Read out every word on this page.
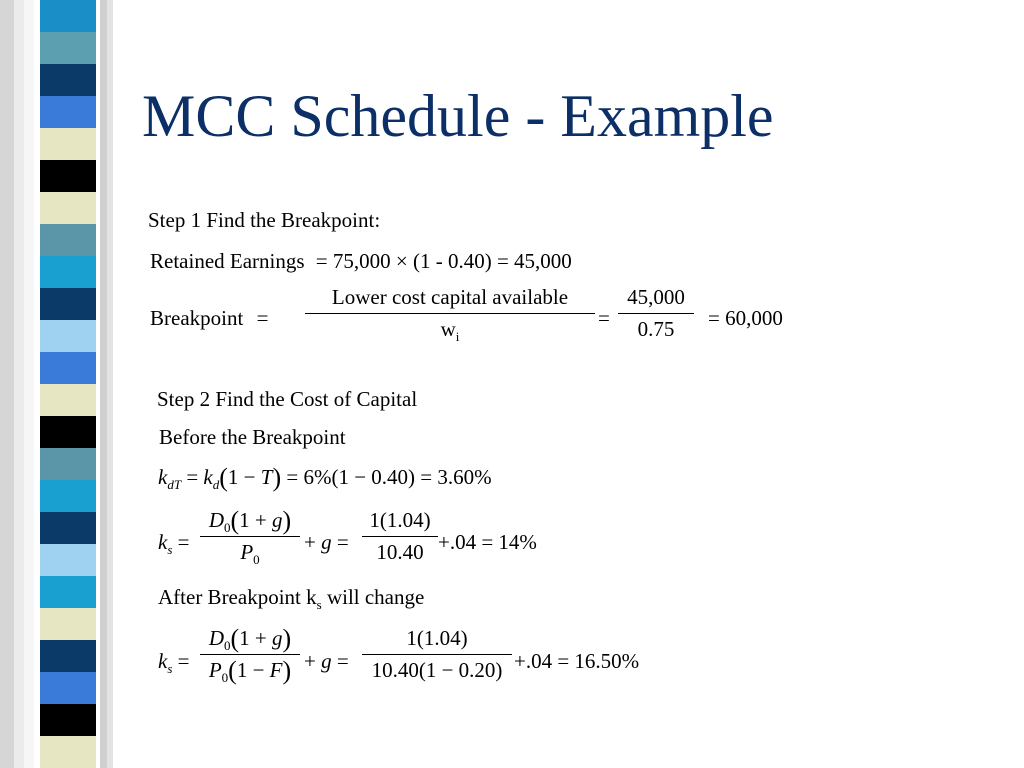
MCC Schedule - Example
Step 1 Find the Breakpoint:
Retained Earnings = 75,000 × (1 - 0.40) = 45,000
Breakpoint =
Lower cost capital available
$w_i$
= $\frac{45,000}{0.75} = 60,000$
Step 2 Find the Cost of Capital
Before the Breakpoint
$k_{dT} = k_d(1 - T) = 6\%(1 - 0.40) = 3.60\%$
$k_s = \frac{D_0(1 + g)}{P_0} + g = \frac{1(1.04)}{10.40} +.04 = 14\%$
After Breakpoint $k_s$ will change
$k_s = \frac{D_0(1 + g)}{P_0(1 - F)} + g = \frac{1(1.04)}{10.40(1 - 0.20)} +.04 = 16.50\%$
